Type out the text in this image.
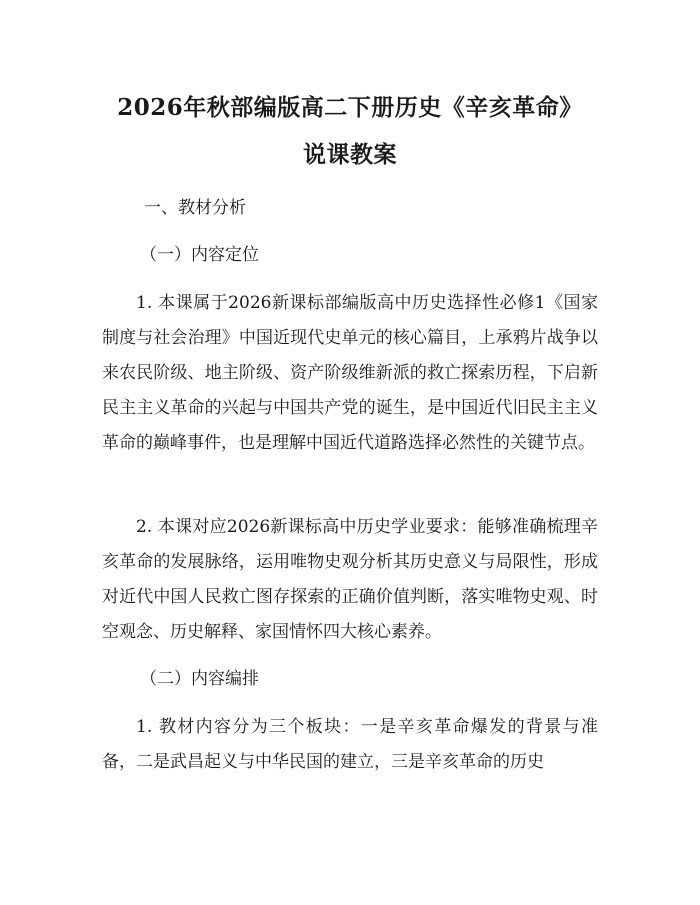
2026年秋部编版高二下册历史《辛亥革命》
说课教案
一、教材分析
（一）内容定位
1. 本课属于2026新课标部编版高中历史选择性必修1《国家制度与社会治理》中国近现代史单元的核心篇目，上承鸦片战争以来农民阶级、地主阶级、资产阶级维新派的救亡探索历程，下启新民主主义革命的兴起与中国共产党的诞生，是中国近代旧民主主义革命的巅峰事件，也是理解中国近代道路选择必然性的关键节点。
2. 本课对应2026新课标高中历史学业要求：能够准确梳理辛亥革命的发展脉络，运用唯物史观分析其历史意义与局限性，形成对近代中国人民救亡图存探索的正确价值判断，落实唯物史观、时空观念、历史解释、家国情怀四大核心素养。
（二）内容编排
1. 教材内容分为三个板块：一是辛亥革命爆发的背景与准备，二是武昌起义与中华民国的建立，三是辛亥革命的历史
